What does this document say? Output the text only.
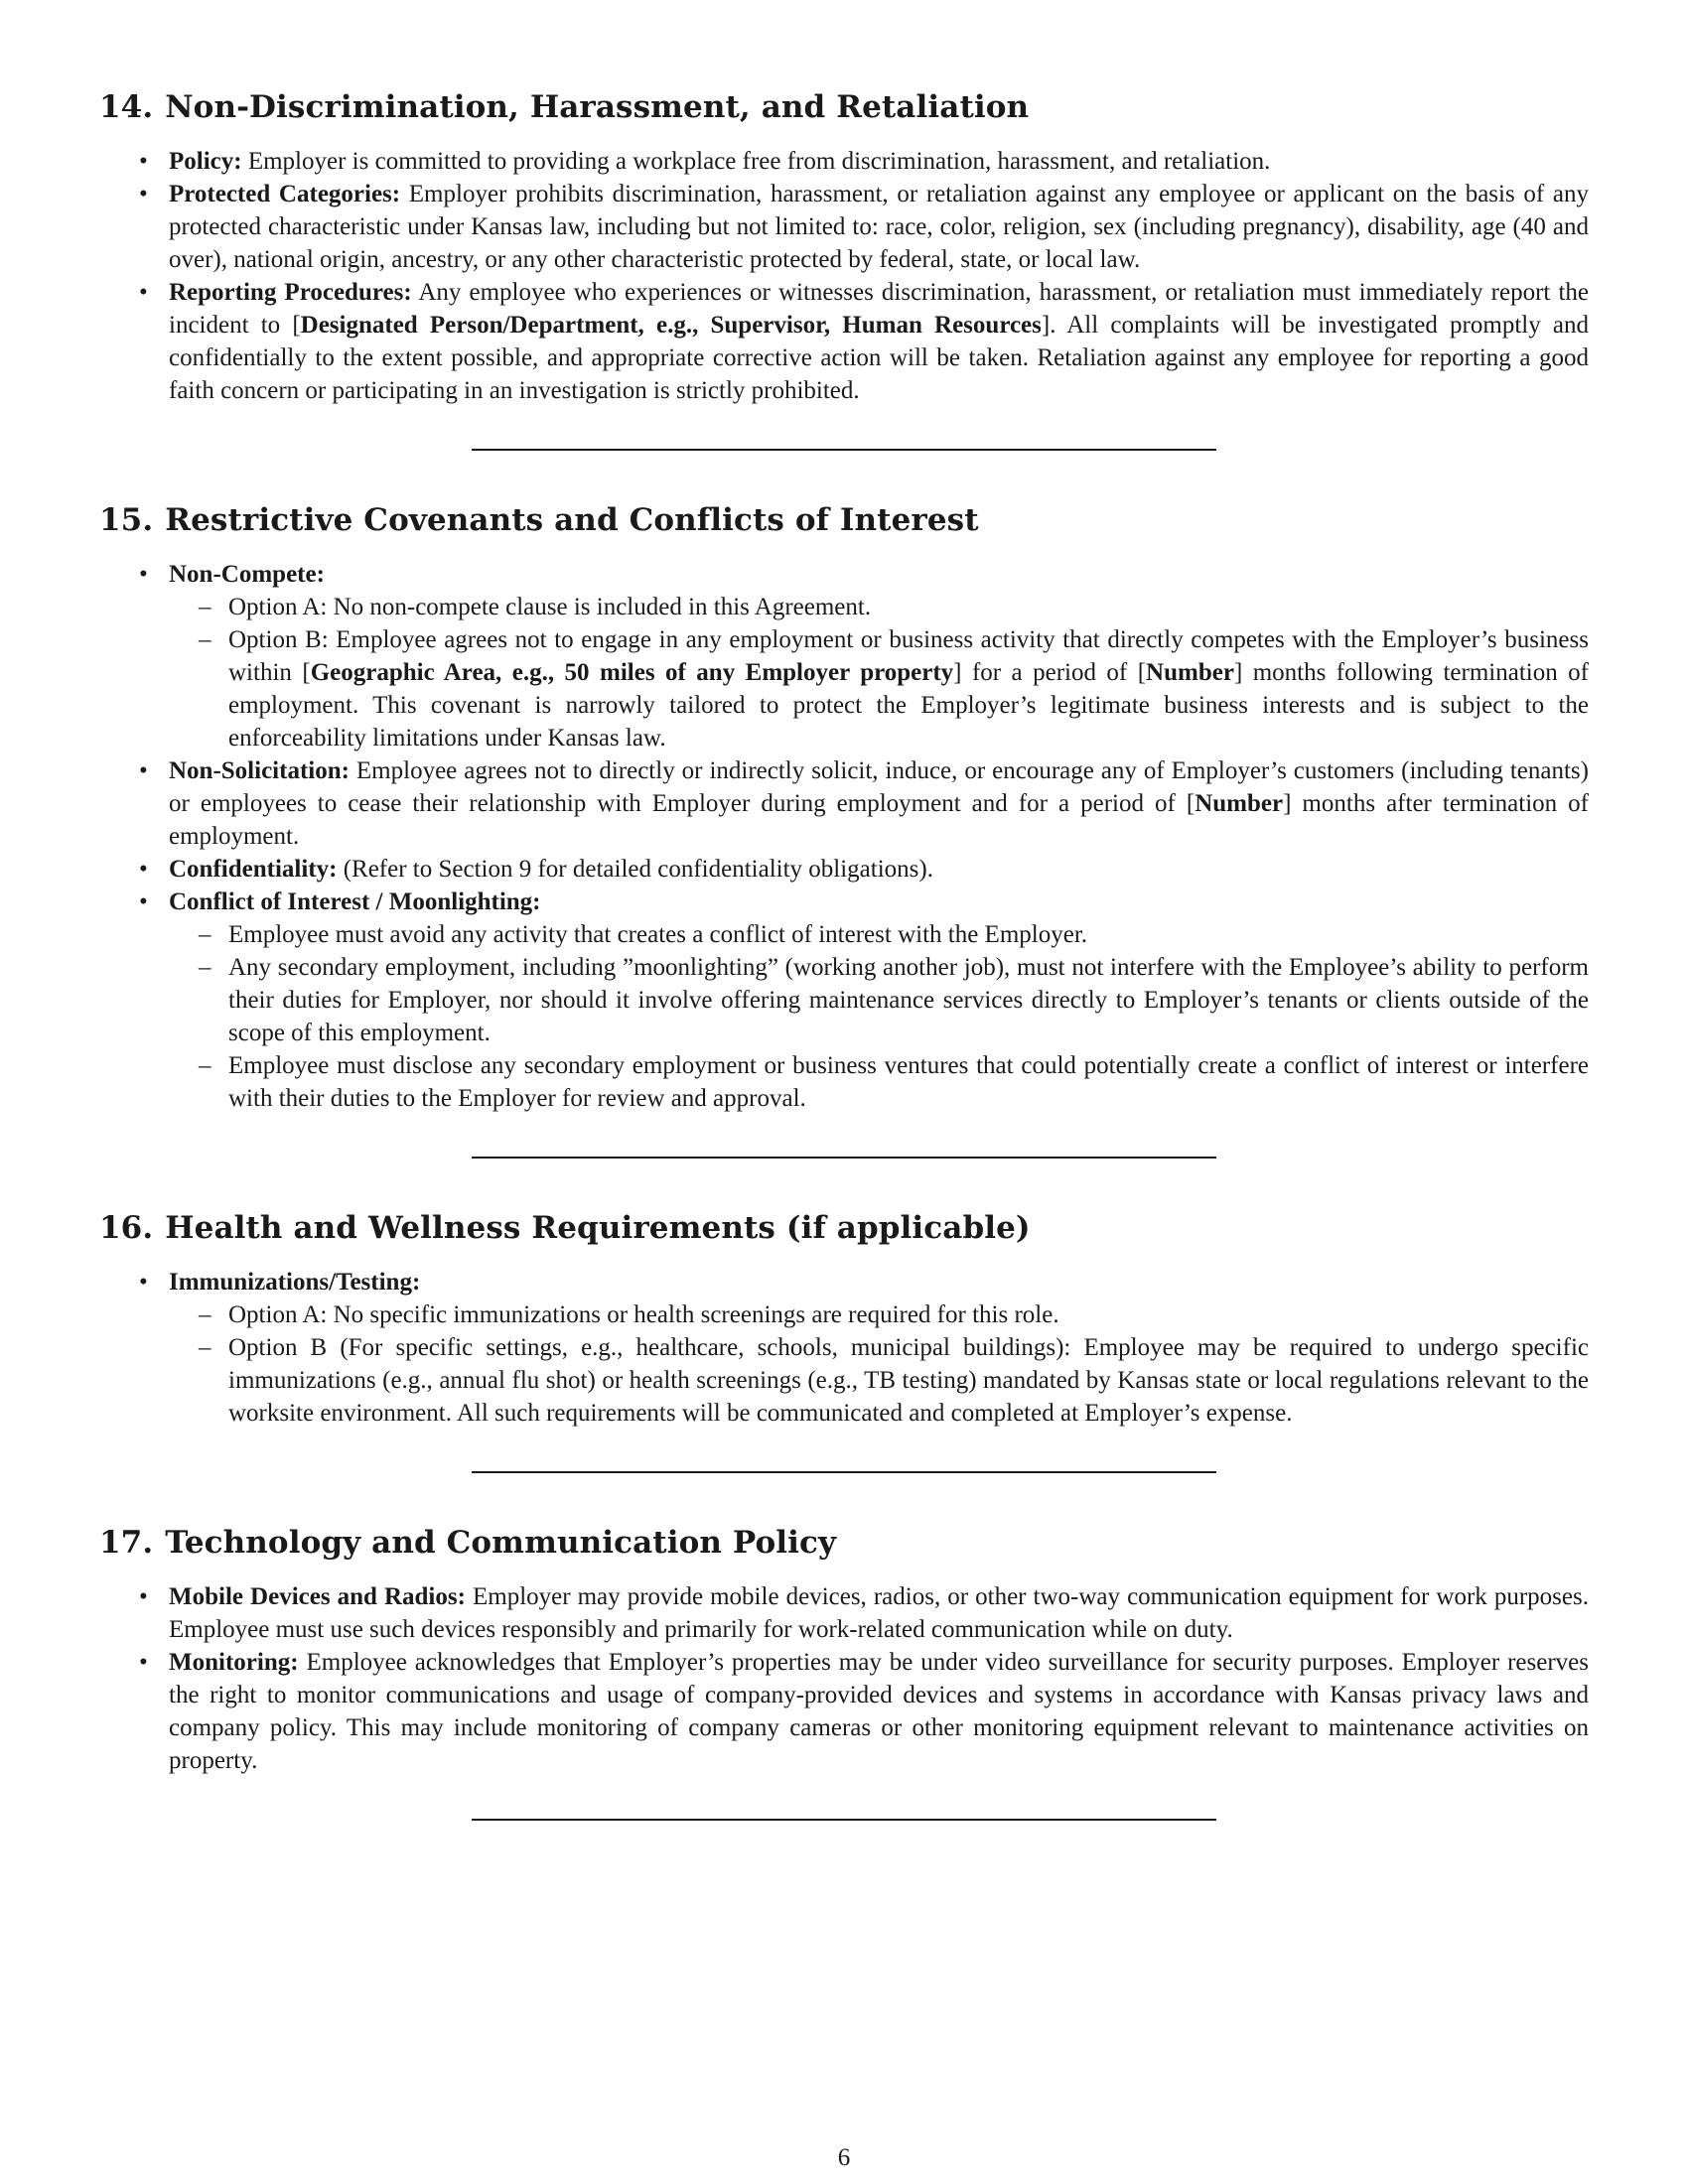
14. Non-Discrimination, Harassment, and Retaliation
• Policy: Employer is committed to providing a workplace free from discrimination, harassment, and retaliation.
• Protected Categories: Employer prohibits discrimination, harassment, or retaliation against any employee or applicant on the basis of any protected characteristic under Kansas law, including but not limited to: race, color, religion, sex (including pregnancy), disability, age (40 and over), national origin, ancestry, or any other characteristic protected by federal, state, or local law.
• Reporting Procedures: Any employee who experiences or witnesses discrimination, harassment, or retaliation must immediately report the incident to [Designated Person/Department, e.g., Supervisor, Human Resources]. All complaints will be investigated promptly and confidentially to the extent possible, and appropriate corrective action will be taken. Retaliation against any employee for reporting a good faith concern or participating in an investigation is strictly prohibited.
15. Restrictive Covenants and Conflicts of Interest
• Non-Compete:
– Option A: No non-compete clause is included in this Agreement.
– Option B: Employee agrees not to engage in any employment or business activity that directly competes with the Employer’s business within [Geographic Area, e.g., 50 miles of any Employer property] for a period of [Number] months following termination of employment. This covenant is narrowly tailored to protect the Employer’s legitimate business interests and is subject to the enforceability limitations under Kansas law.
• Non-Solicitation: Employee agrees not to directly or indirectly solicit, induce, or encourage any of Employer’s customers (including tenants) or employees to cease their relationship with Employer during employment and for a period of [Number] months after termination of employment.
• Confidentiality: (Refer to Section 9 for detailed confidentiality obligations).
• Conflict of Interest / Moonlighting:
– Employee must avoid any activity that creates a conflict of interest with the Employer.
– Any secondary employment, including ”moonlighting” (working another job), must not interfere with the Employee’s ability to perform their duties for Employer, nor should it involve offering maintenance services directly to Employer’s tenants or clients outside of the scope of this employment.
– Employee must disclose any secondary employment or business ventures that could potentially create a conflict of interest or interfere with their duties to the Employer for review and approval.
16. Health and Wellness Requirements (if applicable)
• Immunizations/Testing:
– Option A: No specific immunizations or health screenings are required for this role.
– Option B (For specific settings, e.g., healthcare, schools, municipal buildings): Employee may be required to undergo specific immunizations (e.g., annual flu shot) or health screenings (e.g., TB testing) mandated by Kansas state or local regulations relevant to the worksite environment. All such requirements will be communicated and completed at Employer’s expense.
17. Technology and Communication Policy
• Mobile Devices and Radios: Employer may provide mobile devices, radios, or other two-way communication equipment for work purposes. Employee must use such devices responsibly and primarily for work-related communication while on duty.
• Monitoring: Employee acknowledges that Employer’s properties may be under video surveillance for security purposes. Employer reserves the right to monitor communications and usage of company-provided devices and systems in accordance with Kansas privacy laws and company policy. This may include monitoring of company cameras or other monitoring equipment relevant to maintenance activities on property.
6
